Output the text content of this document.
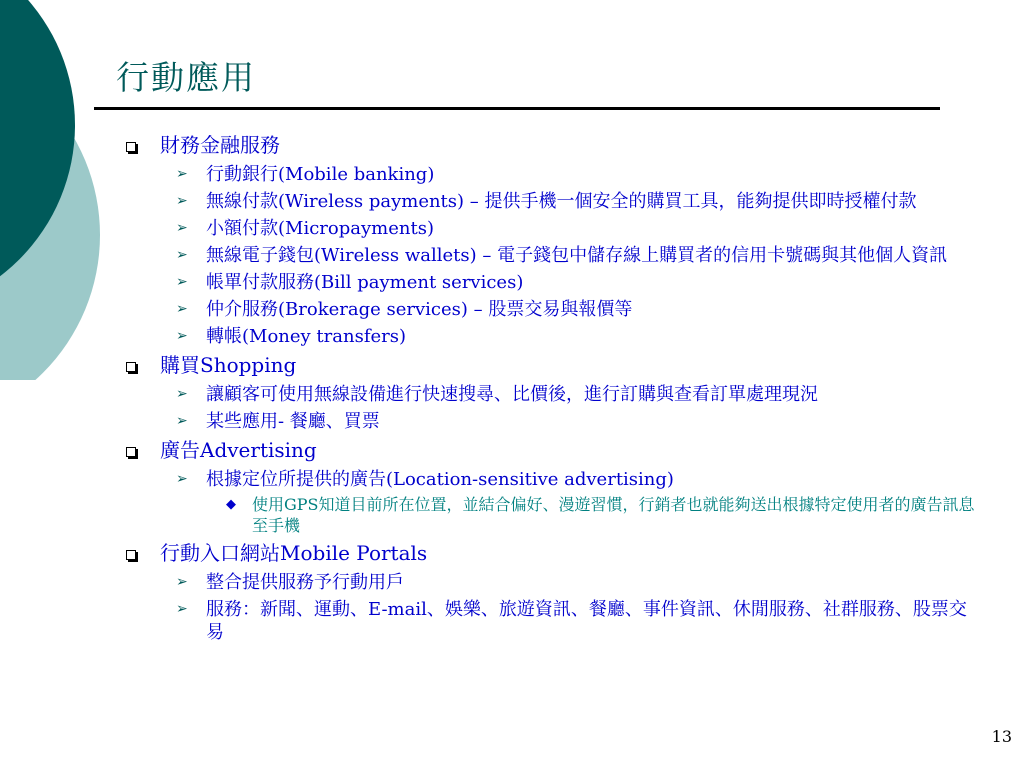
行動應用
財務金融服務
➢ 行動銀行(Mobile banking)
➢ 無線付款(Wireless payments) – 提供手機一個安全的購買工具，能夠提供即時授權付款
➢ 小額付款(Micropayments)
➢ 無線電子錢包(Wireless wallets) – 電子錢包中儲存線上購買者的信用卡號碼與其他個人資訊
➢ 帳單付款服務(Bill payment services)
➢ 仲介服務(Brokerage services) – 股票交易與報價等
➢ 轉帳(Money transfers)
購買Shopping
➢ 讓顧客可使用無線設備進行快速搜尋、比價後，進行訂購與查看訂單處理現況
➢ 某些應用- 餐廳、買票
廣告Advertising
➢ 根據定位所提供的廣告(Location-sensitive advertising)
◆ 使用GPS知道目前所在位置，並結合偏好、漫遊習慣，行銷者也就能夠送出根據特定使用者的廣告訊息至手機
行動入口網站Mobile Portals
➢ 整合提供服務予行動用戶
➢ 服務：新聞、運動、E-mail、娛樂、旅遊資訊、餐廳、事件資訊、休閒服務、社群服務、股票交易
13
